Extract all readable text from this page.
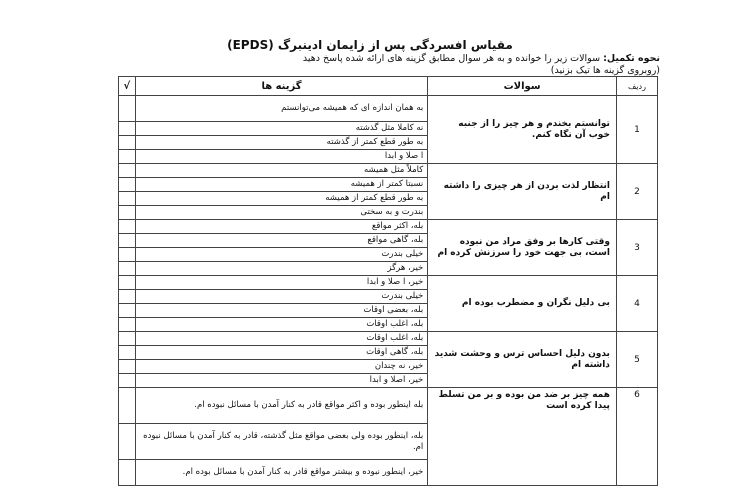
مقیاس افسردگی پس از زایمان ادینبرگ (EPDS)
نحوه تکمیل: سوالات زیر را خوانده و به هر سوال مطابق گزینه های ارائه شده پاسخ دهید
(روبروی گزینه ها تیک بزنید)
ردیف	سوالات	گزینه ها	√
1	توانستم بخندم و هر چیز را از جنبه خوب آن نگاه کنم.	به همان اندازه ای که همیشه می‌توانستم	
		نه کاملا مثل گذشته	
		به طور قطع کمتر از گذشته	
		ا صلا و ابدا	
2	انتظار لذت بردن از هر چیزی را داشته ام	کاملاً مثل همیشه	
		نسبتا کمتر از همیشه	
		به طور قطع کمتر از همیشه	
		بندرت و به سختی	
3	وقتی کارها بر وفق مراد من نبوده است، بی جهت خود را سرزنش کرده ام	بله، اکثر مواقع	
		بله، گاهی مواقع	
		خیلی بندرت	
		خیر، هرگز	
4	بی دلیل نگران و مضطرب بوده ام	خیر، ا صلا و ابدا	
		خیلی بندرت	
		بله، بعضی اوقات	
		بله، اغلب اوقات	
5	بدون دلیل احساس ترس و وحشت شدید داشته ام	بله، اغلب اوقات	
		بله، گاهی اوقات	
		خیر، نه چندان	
		خیر، اصلا و ابدا	
6	همه چیز بر ضد من بوده و بر من تسلط پیدا کرده است	بله اینطور بوده و اکثر مواقع قادر به کنار آمدن با مسائل نبوده ام.	
		بله، اینطور بوده ولی بعضی مواقع مثل گذشته، قادر به کنار آمدن با مسائل نبوده ام.	
		خیر، اینطور نبوده و بیشتر مواقع قادر به کنار آمدن با مسائل بوده ام.	
